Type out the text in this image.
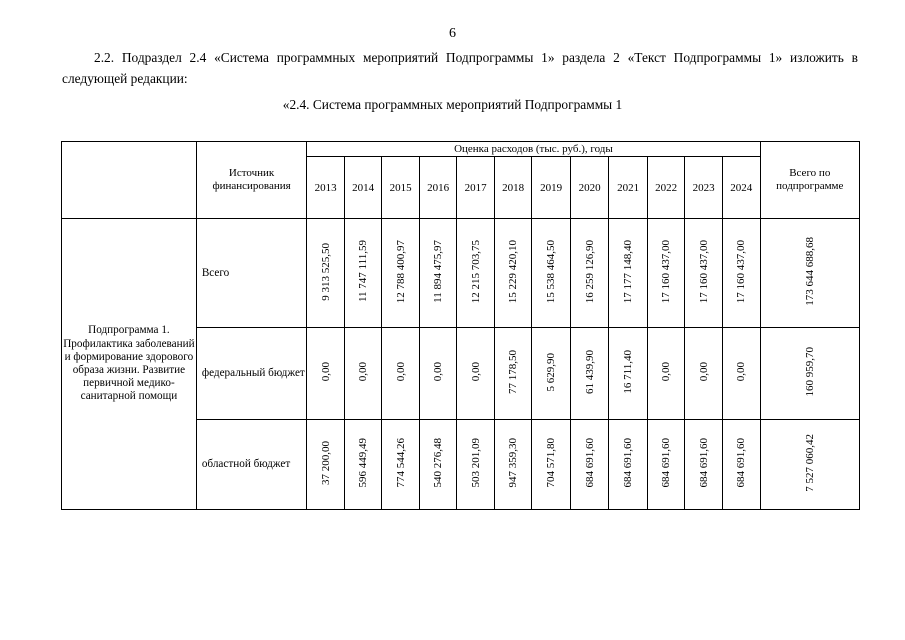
6
2.2. Подраздел 2.4 «Система программных мероприятий Подпрограммы 1» раздела 2 «Текст Подпрограммы 1» изложить в следующей редакции:
«2.4. Система программных мероприятий Подпрограммы 1
	Источник финансирования	Оценка расходов (тыс. руб.), годы												Всего по подпрограмме
		2013	2014	2015	2016	2017	2018	2019	2020	2021	2022	2023	2024	
Подпрограмма 1. Профилактика заболеваний и формирование здорового образа жизни. Развитие первичной медико-санитарной помощи	Всего	9 313 525,50	11 747 111,59	12 788 400,97	11 894 475,97	12 215 703,75	15 229 420,10	15 538 464,50	16 259 126,90	17 177 148,40	17 160 437,00	17 160 437,00	17 160 437,00	173 644 688,68
	федеральный бюджет	0,00	0,00	0,00	0,00	0,00	77 178,50	5 629,90	61 439,90	16 711,40	0,00	0,00	0,00	160 959,70
	областной бюджет	37 200,00	596 449,49	774 544,26	540 276,48	503 201,09	947 359,30	704 571,80	684 691,60	684 691,60	684 691,60	684 691,60	684 691,60	7 527 060,42
